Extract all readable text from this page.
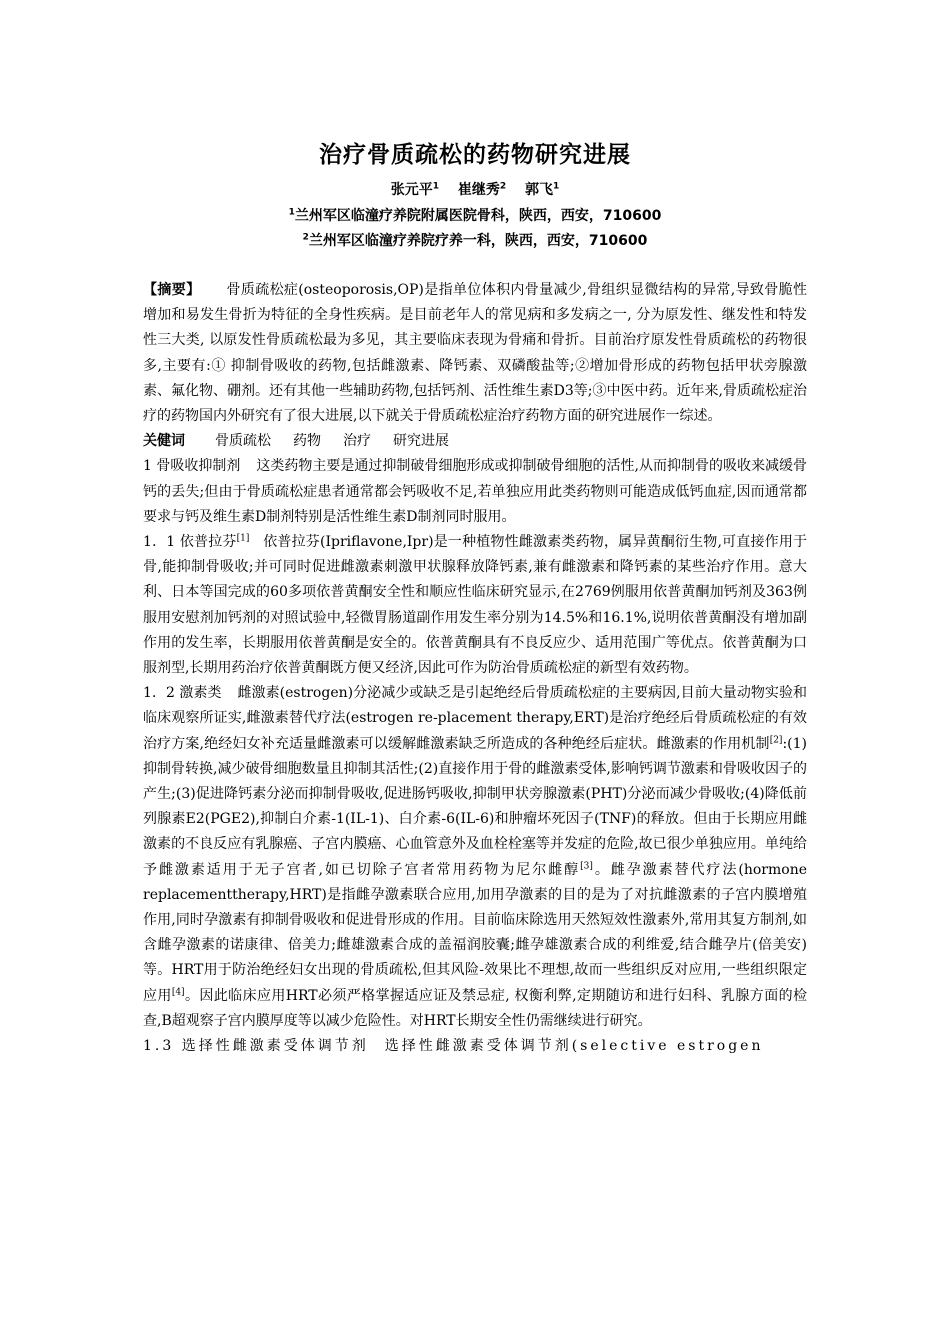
治疗骨质疏松的药物研究进展
张元平$^1$ 崔继秀$^2$ 郭飞$^1$
$^1$兰州军区临潼疗养院附属医院骨科，陕西，西安，710600
$^2$兰州军区临潼疗养院疗养一科，陕西，西安，710600

【摘要】 骨质疏松症(osteoporosis,OP)是指单位体积内骨量减少,骨组织显微结构的异常,导致骨脆性增加和易发生骨折为特征的全身性疾病。是目前老年人的常见病和多发病之一, 分为原发性、继发性和特发性三大类, 以原发性骨质疏松最为多见，其主要临床表现为骨痛和骨折。目前治疗原发性骨质疏松的药物很多,主要有:① 抑制骨吸收的药物,包括雌激素、降钙素、双磷酸盐等;②增加骨形成的药物包括甲状旁腺激素、氟化物、硼剂。还有其他一些辅助药物,包括钙剂、活性维生素D3等;③中医中药。近年来,骨质疏松症治疗的药物国内外研究有了很大进展,以下就关于骨质疏松症治疗药物方面的研究进展作一综述。

关健词 骨质疏松 药物 治疗 研究进展

1 骨吸收抑制剂 这类药物主要是通过抑制破骨细胞形成或抑制破骨细胞的活性,从而抑制骨的吸收来减缓骨钙的丢失;但由于骨质疏松症患者通常都会钙吸收不足,若单独应用此类药物则可能造成低钙血症,因而通常都要求与钙及维生素D制剂特别是活性维生素D制剂同时服用。

1．1 依普拉芬[1] 依普拉芬(Ipriflavone,Ipr)是一种植物性雌激素类药物，属异黄酮衍生物,可直接作用于骨,能抑制骨吸收;并可同时促进雌激素刺激甲状腺释放降钙素,兼有雌激素和降钙素的某些治疗作用。意大利、日本等国完成的60多项依普黄酮安全性和顺应性临床研究显示,在2769例服用依普黄酮加钙剂及363例服用安慰剂加钙剂的对照试验中,轻微胃肠道副作用发生率分别为14.5%和16.1%,说明依普黄酮没有增加副作用的发生率，长期服用依普黄酮是安全的。依普黄酮具有不良反应少、适用范围广等优点。依普黄酮为口服剂型,长期用药治疗依普黄酮既方便又经济,因此可作为防治骨质疏松症的新型有效药物。

1．2 激素类 雌激素(estrogen)分泌减少或缺乏是引起绝经后骨质疏松症的主要病因,目前大量动物实验和临床观察所证实,雌激素替代疗法(estrogen re-placement therapy,ERT)是治疗绝经后骨质疏松症的有效治疗方案,绝经妇女补充适量雌激素可以缓解雌激素缺乏所造成的各种绝经后症状。雌激素的作用机制[2]:(1)抑制骨转换,减少破骨细胞数量且抑制其活性;(2)直接作用于骨的雌激素受体,影响钙调节激素和骨吸收因子的产生;(3)促进降钙素分泌而抑制骨吸收,促进肠钙吸收,抑制甲状旁腺激素(PHT)分泌而减少骨吸收;(4)降低前列腺素E2(PGE2),抑制白介素-1(IL-1)、白介素-6(IL-6)和肿瘤坏死因子(TNF)的释放。但由于长期应用雌激素的不良反应有乳腺癌、子宫内膜癌、心血管意外及血栓栓塞等并发症的危险,故已很少单独应用。单纯给予雌激素适用于无子宫者,如已切除子宫者常用药物为尼尔雌醇[3]。雌孕激素替代疗法(hormone replacementtherapy,HRT)是指雌孕激素联合应用,加用孕激素的目的是为了对抗雌激素的子宫内膜增殖作用,同时孕激素有抑制骨吸收和促进骨形成的作用。目前临床除选用天然短效性激素外,常用其复方制剂,如含雌孕激素的诺康律、倍美力;雌雄激素合成的盖福润胶囊;雌孕雄激素合成的利维爱,结合雌孕片(倍美安)等。HRT用于防治绝经妇女出现的骨质疏松,但其风险-效果比不理想,故而一些组织反对应用,一些组织限定应用[4]。因此临床应用HRT必须严格掌握适应证及禁忌症, 权衡利弊,定期随访和进行妇科、乳腺方面的检查,B超观察子宫内膜厚度等以减少危险性。对HRT长期安全性仍需继续进行研究。

1.3 选择性雌激素受体调节剂 选择性雌激素受体调节剂(selective estrogen
